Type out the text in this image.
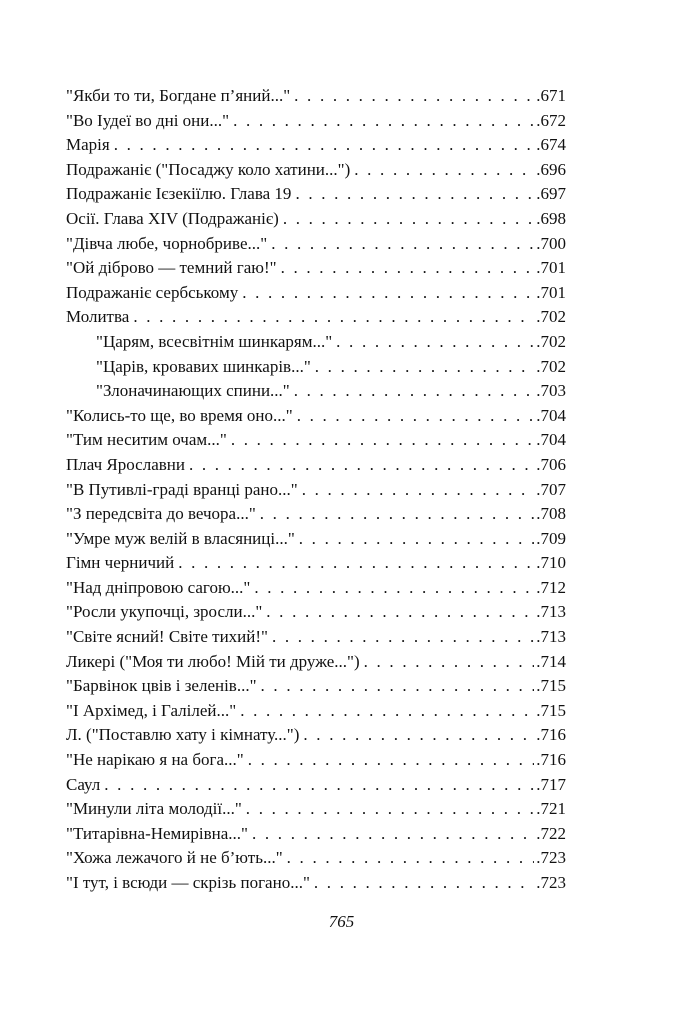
"Якби то ти, Богдане п’яний..." . . .	.671
"Во Іудеї во дні они..." . . .	.672
Марія . . .	.674
Подражаніє ("Посаджу коло хатини...") . . .	.696
Подражаніє Ієзекіїлю. Глава 19 . . .	.697
Осії. Глава XIV (Подражаніє) . . .	.698
"Дівча любе, чорнобриве..." . . .	.700
"Ой діброво — темний гаю!" . . .	.701
Подражаніє сербському . . .	.701
Молитва . . .	.702
"Царям, всесвітнім шинкарям..." . . .	.702
"Царів, кровавих шинкарів..." . . .	.702
"Злоначинающих спини..." . . .	.703
"Колись-то ще, во время оно..." . . .	.704
"Тим неситим очам..." . . .	.704
Плач Ярославни . . .	.706
"В Путивлі-граді вранці рано..." . . .	.707
"З передсвіта до вечора..." . . .	.708
"Умре муж велій в власяниці..." . . .	.709
Гімн черничий . . .	.710
"Над дніпровою сагою..." . . .	.712
"Росли укупочці, зросли..." . . .	.713
"Світе ясний! Світе тихий!" . . .	.713
Ликері ("Моя ти любо! Мій ти друже...") . . .	.714
"Барвінок цвів і зеленів..." . . .	.715
"І Архімед, і Галілей..." . . .	.715
Л. ("Поставлю хату і кімнату...") . . .	.716
"Не нарікаю я на бога..." . . .	.716
Саул . . .	.717
"Минули літа молодії..." . . .	.721
"Титарівна-Немирівна..." . . .	.722
"Хожа лежачого й не б’ють..." . . .	.723
"І тут, і всюди — скрізь погано..." . . .	.723
765
